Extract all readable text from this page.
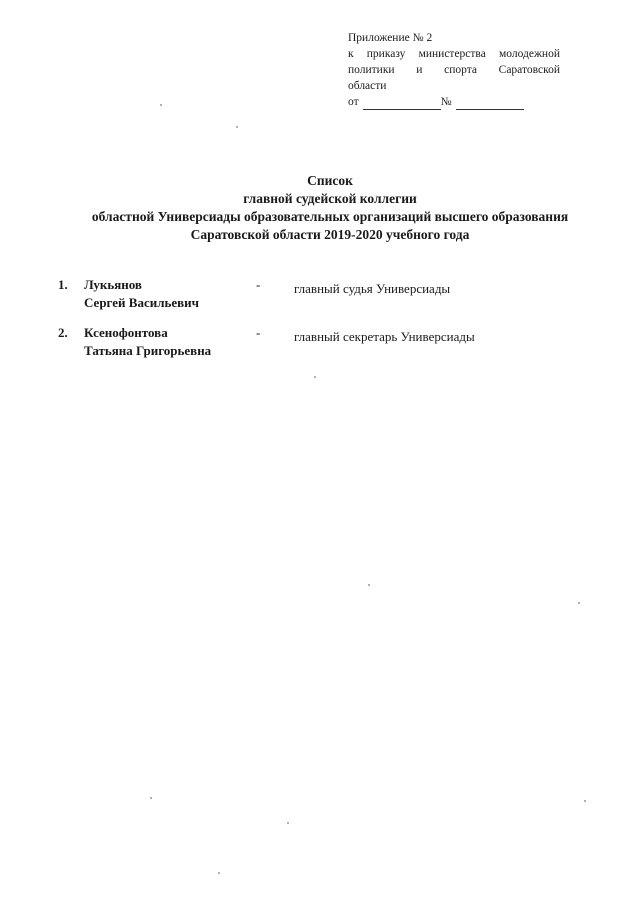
Приложение № 2
к приказу министерства молодежной
политики и спорта Саратовской
области
от	№
Список
главной судейской коллегии
областной Универсиады образовательных организаций высшего образования
Саратовской области 2019-2020 учебного года
1. Лукьянов
Сергей Васильевич
-	главный судья Универсиады
2. Ксенофонтова
Татьяна Григорьевна
-	главный секретарь Универсиады
